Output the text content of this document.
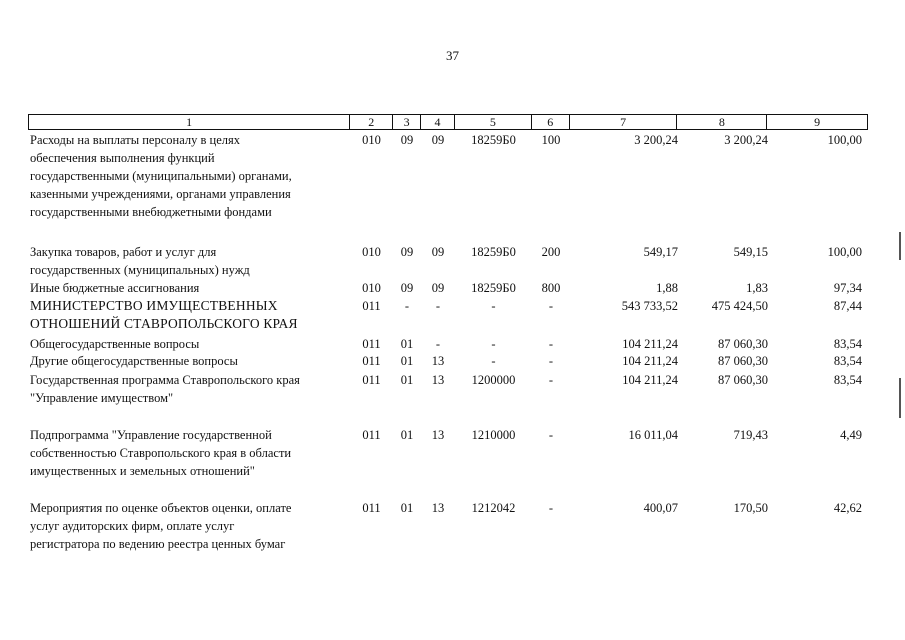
37
1	2	3	4	5	6	7	8	9
Расходы на выплаты персоналу в целях
обеспечения выполнения функций
государственными (муниципальными) органами,
казенными учреждениями, органами управления
государственными внебюджетными фондами
010	09	09	18259Б0	100	3 200,24	3 200,24	100,00
Закупка товаров, работ и услуг для
государственных (муниципальных) нужд
010	09	09	18259Б0	200	549,17	549,15	100,00
Иные бюджетные ассигнования	010	09	09	18259Б0	800	1,88	1,83	97,34
МИНИСТЕРСТВО ИМУЩЕСТВЕННЫХ
ОТНОШЕНИЙ СТАВРОПОЛЬСКОГО КРАЯ
011	-	-	-	-	543 733,52	475 424,50	87,44
Общегосударственные вопросы	011	01	-	-	-	104 211,24	87 060,30	83,54
Другие общегосударственные вопросы	011	01	13	-	-	104 211,24	87 060,30	83,54
Государственная программа Ставропольского края
"Управление имуществом"
011	01	13	1200000	-	104 211,24	87 060,30	83,54
Подпрограмма "Управление государственной
собственностью Ставропольского края в области
имущественных и земельных отношений"
011	01	13	1210000	-	16 011,04	719,43	4,49
Мероприятия по оценке объектов оценки, оплате
услуг аудиторских фирм, оплате услуг
регистратора по ведению реестра ценных бумаг
011	01	13	1212042	-	400,07	170,50	42,62
